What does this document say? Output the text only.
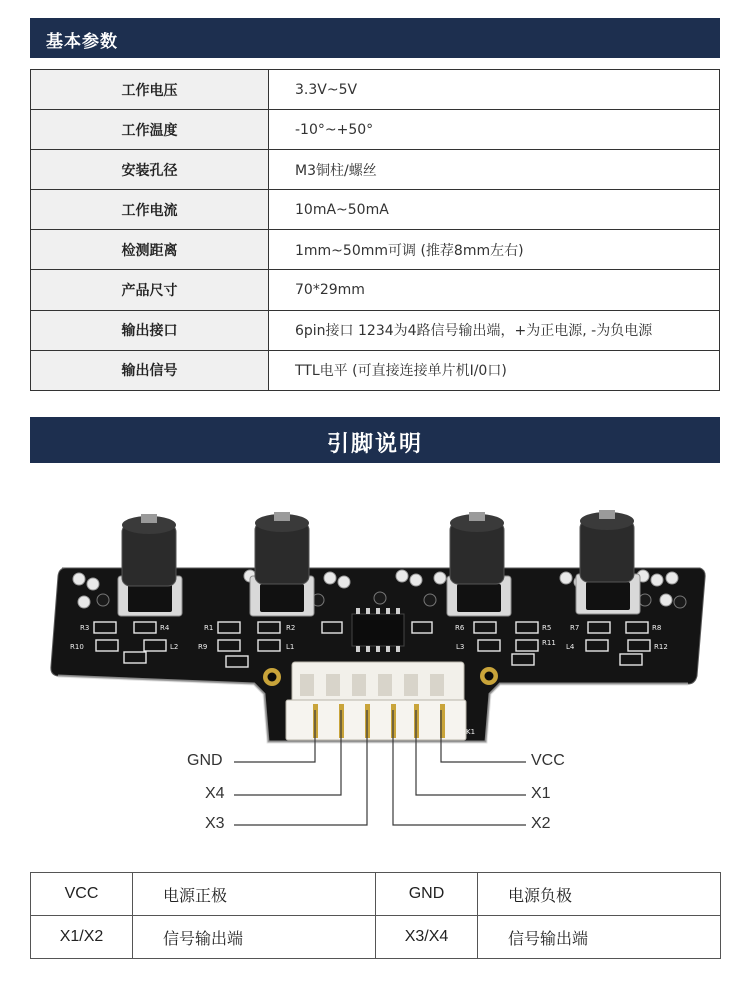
基本参数
工作电压	3.3V~5V
工作温度	-10°~+50°
安装孔径	M3铜柱/螺丝
工作电流	10mA~50mA
检测距离	1mm~50mm可调 (推荐8mm左右)
产品尺寸	70*29mm
输出接口	6pin接口 1234为4路信号输出端，+为正电源, -为负电源
输出信号	TTL电平 (可直接连接单片机I/0口)
引脚说明
R3	R4
R10
R1	R2
R9	L1
L2
R6	R5
L3	R11
R7	R8
R12
L4
K1
GND
X4
X3
VCC
X1
X2
VCC	电源正极	GND	电源负极
X1/X2	信号输出端	X3/X4	信号输出端
